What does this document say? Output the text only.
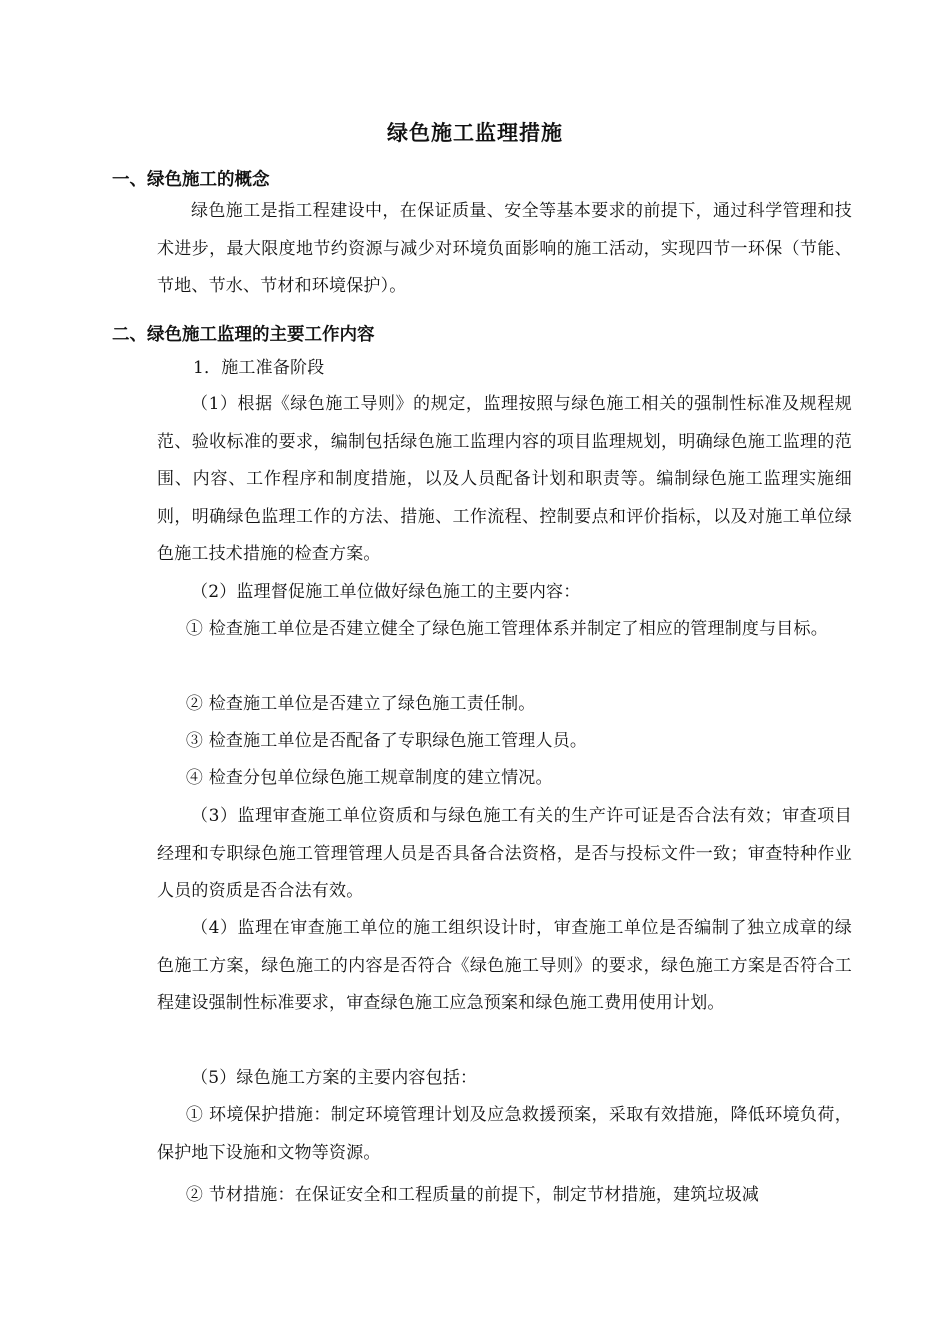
绿色施工监理措施
一、绿色施工的概念
绿色施工是指工程建设中，在保证质量、安全等基本要求的前提下，通过科学管理和技术进步，最大限度地节约资源与减少对环境负面影响的施工活动，实现四节一环保（节能、节地、节水、节材和环境保护）。
二、绿色施工监理的主要工作内容
1．施工准备阶段
（1）根据《绿色施工导则》的规定，监理按照与绿色施工相关的强制性标准及规程规范、验收标准的要求，编制包括绿色施工监理内容的项目监理规划，明确绿色施工监理的范围、内容、工作程序和制度措施，以及人员配备计划和职责等。编制绿色施工监理实施细则，明确绿色监理工作的方法、措施、工作流程、控制要点和评价指标，以及对施工单位绿色施工技术措施的检查方案。
（2）监理督促施工单位做好绿色施工的主要内容：
① 检查施工单位是否建立健全了绿色施工管理体系并制定了相应的管理制度与目标。
② 检查施工单位是否建立了绿色施工责任制。
③ 检查施工单位是否配备了专职绿色施工管理人员。
④ 检查分包单位绿色施工规章制度的建立情况。
（3）监理审查施工单位资质和与绿色施工有关的生产许可证是否合法有效；审查项目经理和专职绿色施工管理管理人员是否具备合法资格，是否与投标文件一致；审查特种作业人员的资质是否合法有效。
（4）监理在审查施工单位的施工组织设计时，审查施工单位是否编制了独立成章的绿色施工方案，绿色施工的内容是否符合《绿色施工导则》的要求，绿色施工方案是否符合工程建设强制性标准要求，审查绿色施工应急预案和绿色施工费用使用计划。
（5）绿色施工方案的主要内容包括：
① 环境保护措施：制定环境管理计划及应急救援预案，采取有效措施，降低环境负荷，保护地下设施和文物等资源。
② 节材措施：在保证安全和工程质量的前提下，制定节材措施，建筑垃圾减
